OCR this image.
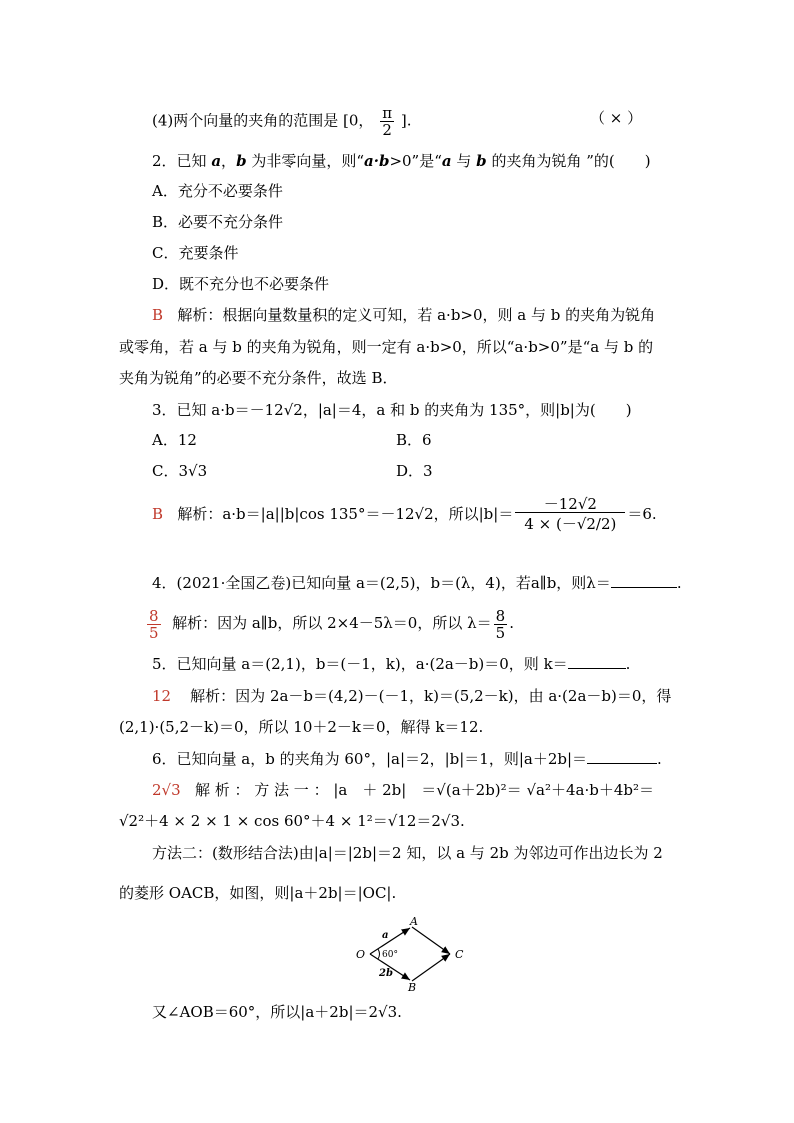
(4)两个向量的夹角的范围是 [0， $\frac{\pi}{2}$ ].	（ × ）
2．已知 a，b 为非零向量，则“a·b>0”是“a 与 b 的夹角为锐角 ”的(　　)
A．充分不必要条件
B．必要不充分条件
C．充要条件
D．既不充分也不必要条件
B 解析：根据向量数量积的定义可知，若 a·b>0，则 a 与 b 的夹角为锐角
或零角，若 a 与 b 的夹角为锐角，则一定有 a·b>0，所以“a·b>0”是“a 与 b 的
夹角为锐角”的必要不充分条件，故选 B．
3．已知 a·b＝－12√2，|a|＝4，a 和 b 的夹角为 135°，则|b|为(　　)
A．12	B．6
C．3√3	D．3
B 解析：a·b＝|a||b|cos 135°＝－12√2，所以$|b|= \frac{-12√2}{4 \times (-√2/2)} =6$.
4．(2021·全国乙卷)已知向量 a＝(2,5)，b＝(λ，4)，若a∥b，则λ＝	.
$\frac{8}{5}$ 解析：因为 a∥b，所以 2×4－5λ＝0，所以 $\lambda= \frac{8}{5}$ .
5．已知向量 a＝(2,1)，b＝(－1，k)，a·(2a－b)＝0，则 k＝	.
12 解析：因为 2a－b＝(4,2)－(－1，k)＝(5,2－k)，由 a·(2a－b)＝0，得
(2,1)·(5,2－k)＝0，所以 10＋2－k＝0，解得 k＝12.
6．已知向量 a，b 的夹角为 60°，|a|＝2，|b|＝1，则|a＋2b|＝	.
2√3 解 析 ： 方 法 一 ： |a　＋ 2b|　＝√(a＋2b)²＝ √a²＋4a·b＋4b²＝
√2²＋4 × 2 × 1 × cos 60°＋4 × 1²＝√12＝2√3.
方法二：(数形结合法)由|a|＝|2b|＝2 知，以 a 与 2b 为邻边可作出边长为 2
的菱形 OACB，如图，则|a＋2b|＝|OC|.
O
A
B
C
a
2b
60°
又∠AOB＝60°，所以|a＋2b|＝2√3.
